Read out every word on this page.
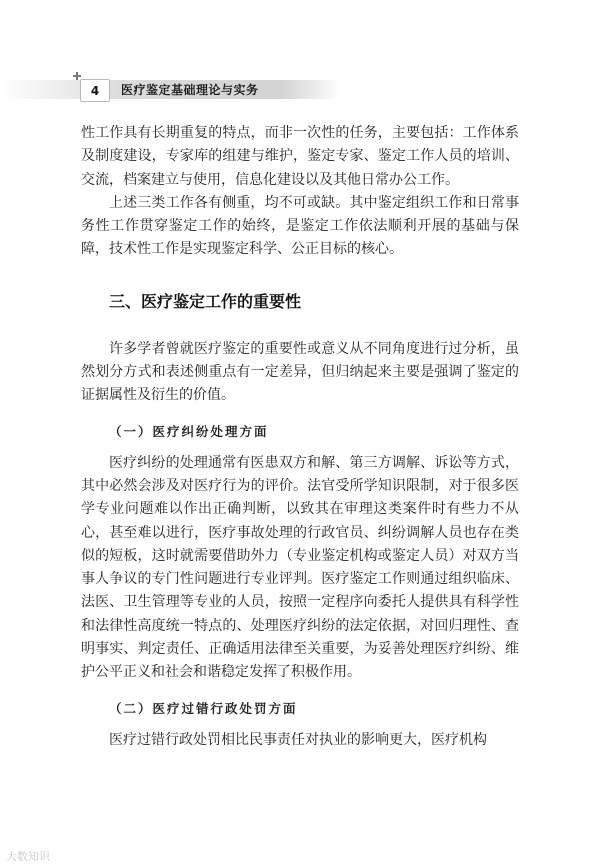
4	医疗鉴定基础理论与实务

性工作具有长期重复的特点，而非一次性的任务，主要包括：工作体系及制度建设，专家库的组建与维护，鉴定专家、鉴定工作人员的培训、交流，档案建立与使用，信息化建设以及其他日常办公工作。

上述三类工作各有侧重，均不可或缺。其中鉴定组织工作和日常事务性工作贯穿鉴定工作的始终，是鉴定工作依法顺利开展的基础与保障，技术性工作是实现鉴定科学、公正目标的核心。

三、医疗鉴定工作的重要性

许多学者曾就医疗鉴定的重要性或意义从不同角度进行过分析，虽然划分方式和表述侧重点有一定差异，但归纳起来主要是强调了鉴定的证据属性及衍生的价值。

（一）医疗纠纷处理方面

医疗纠纷的处理通常有医患双方和解、第三方调解、诉讼等方式，其中必然会涉及对医疗行为的评价。法官受所学知识限制，对于很多医学专业问题难以作出正确判断，以致其在审理这类案件时有些力不从心，甚至难以进行，医疗事故处理的行政官员、纠纷调解人员也存在类似的短板，这时就需要借助外力（专业鉴定机构或鉴定人员）对双方当事人争议的专门性问题进行专业评判。医疗鉴定工作则通过组织临床、法医、卫生管理等专业的人员，按照一定程序向委托人提供具有科学性和法律性高度统一特点的、处理医疗纠纷的法定依据，对回归理性、查明事实、判定责任、正确适用法律至关重要，为妥善处理医疗纠纷、维护公平正义和社会和谐稳定发挥了积极作用。

（二）医疗过错行政处罚方面

医疗过错行政处罚相比民事责任对执业的影响更大，医疗机构

大数知识
